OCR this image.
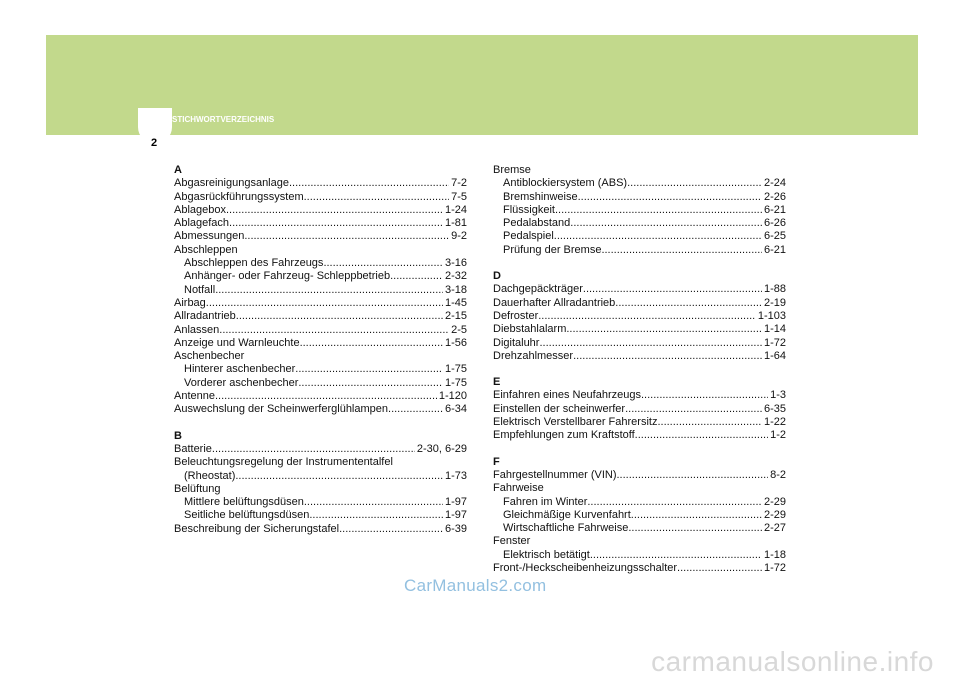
10 STICHWORTVERZEICHNIS
2
A
Abgasreinigungsanlage .....	7-2
Abgasrückführungssystem .....	7-5
Ablagebox .....	1-24
Ablagefach .....	1-81
Abmessungen .....	9-2
Abschleppen
Abschleppen des Fahrzeugs .....	3-16
Anhänger- oder Fahrzeug- Schleppbetrieb .....	2-32
Notfall .....	3-18
Airbag .....	1-45
Allradantrieb .....	2-15
Anlassen .....	2-5
Anzeige und Warnleuchte .....	1-56
Aschenbecher
Hinterer aschenbecher .....	1-75
Vorderer aschenbecher .....	1-75
Antenne .....	1-120
Auswechslung der Scheinwerferglühlampen .....	6-34
B
Batterie .....	2-30, 6-29
Beleuchtungsregelung der Instrumententalfel
(Rheostat) .....	1-73
Belüftung
Mittlere belüftungsdüsen .....	1-97
Seitliche belüftungsdüsen .....	1-97
Beschreibung der Sicherungstafel .....	6-39
Bremse
Antiblockiersystem (ABS) .....	2-24
Bremshinweise .....	2-26
Flüssigkeit .....	6-21
Pedalabstand .....	6-26
Pedalspiel .....	6-25
Prüfung der Bremse .....	6-21
D
Dachgepäckträger .....	1-88
Dauerhafter Allradantrieb .....	2-19
Defroster .....	1-103
Diebstahlalarm .....	1-14
Digitaluhr .....	1-72
Drehzahlmesser .....	1-64
E
Einfahren eines Neufahrzeugs .....	1-3
Einstellen der scheinwerfer .....	6-35
Elektrisch Verstellbarer Fahrersitz .....	1-22
Empfehlungen zum Kraftstoff .....	1-2
F
Fahrgestellnummer (VIN) .....	8-2
Fahrweise
Fahren im Winter .....	2-29
Gleichmäßige Kurvenfahrt .....	2-29
Wirtschaftliche Fahrweise .....	2-27
Fenster
Elektrisch betätigt .....	1-18
Front-/Heckscheibenheizungsschalter .....	1-72
CarManuals2.com
carmanualsonline.info
